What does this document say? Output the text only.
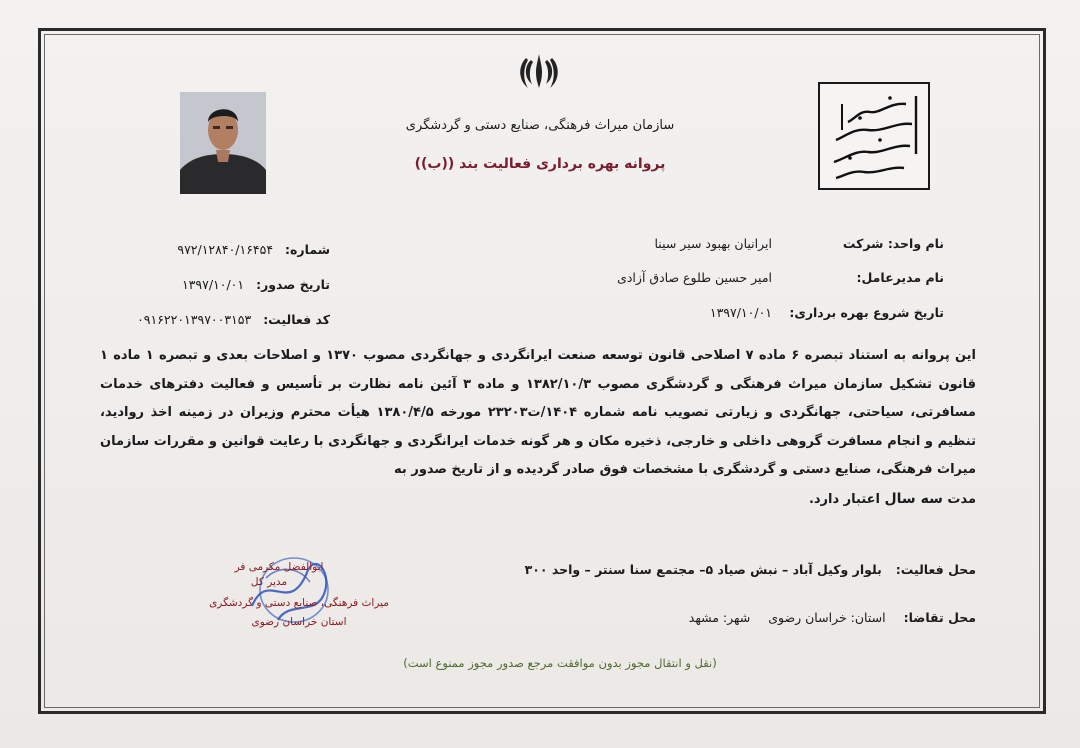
سازمان میراث فرهنگی، صنایع دستی و گردشگری
پروانه بهره برداری فعالیت بند ((ب))
نام واحد: شرکت
ایرانیان بهبود سیر سینا
نام مدیرعامل:
امیر حسین طلوع صادق آزادی
تاریخ شروع بهره برداری:
۱۳۹۷/۱۰/۰۱
شماره: ۹۷۲/۱۲۸۴۰/۱۶۴۵۴
تاریخ صدور: ۱۳۹۷/۱۰/۰۱
کد فعالیت: ۰۹۱۶۲۲۰۱۳۹۷۰۰۳۱۵۳
این پروانه به استناد تبصره ۶ ماده ۷ اصلاحی قانون توسعه صنعت ایرانگردی و جهانگردی مصوب ۱۳۷۰ و اصلاحات بعدی و تبصره ۱ ماده ۱ قانون تشکیل سازمان میراث فرهنگی و گردشگری مصوب ۱۳۸۲/۱۰/۳ و ماده ۳ آئین نامه نظارت بر تأسیس و فعالیت دفترهای خدمات مسافرتی، سیاحتی، جهانگردی و زیارتی تصویب نامه شماره ۱۴۰۴/ت۲۳۲۰۳ مورخه ۱۳۸۰/۴/۵ هیأت محترم وزیران در زمینه اخذ روادید، تنظیم و انجام مسافرت گروهی داخلی و خارجی، ذخیره مکان و هر گونه خدمات ایرانگردی و جهانگردی با رعایت قوانین و مقررات سازمان میراث فرهنگی، صنایع دستی و گردشگری با مشخصات فوق صادر گردیده و از تاریخ صدور به
مدت سه سال اعتبار دارد.
محل فعالیت: بلوار وکیل آباد – نبش صیاد ۵– مجتمع سنا سنتر – واحد ۳۰۰
محل تقاضا: استان: خراسان رضوی شهر: مشهد
ابوالفضل مکرمی فر
مدیر کل
میراث فرهنگی، صنایع دستی و گردشگری
استان خراسان رضوی
(نقل و انتقال مجوز بدون موافقت مرجع صدور مجوز ممنوع است)
